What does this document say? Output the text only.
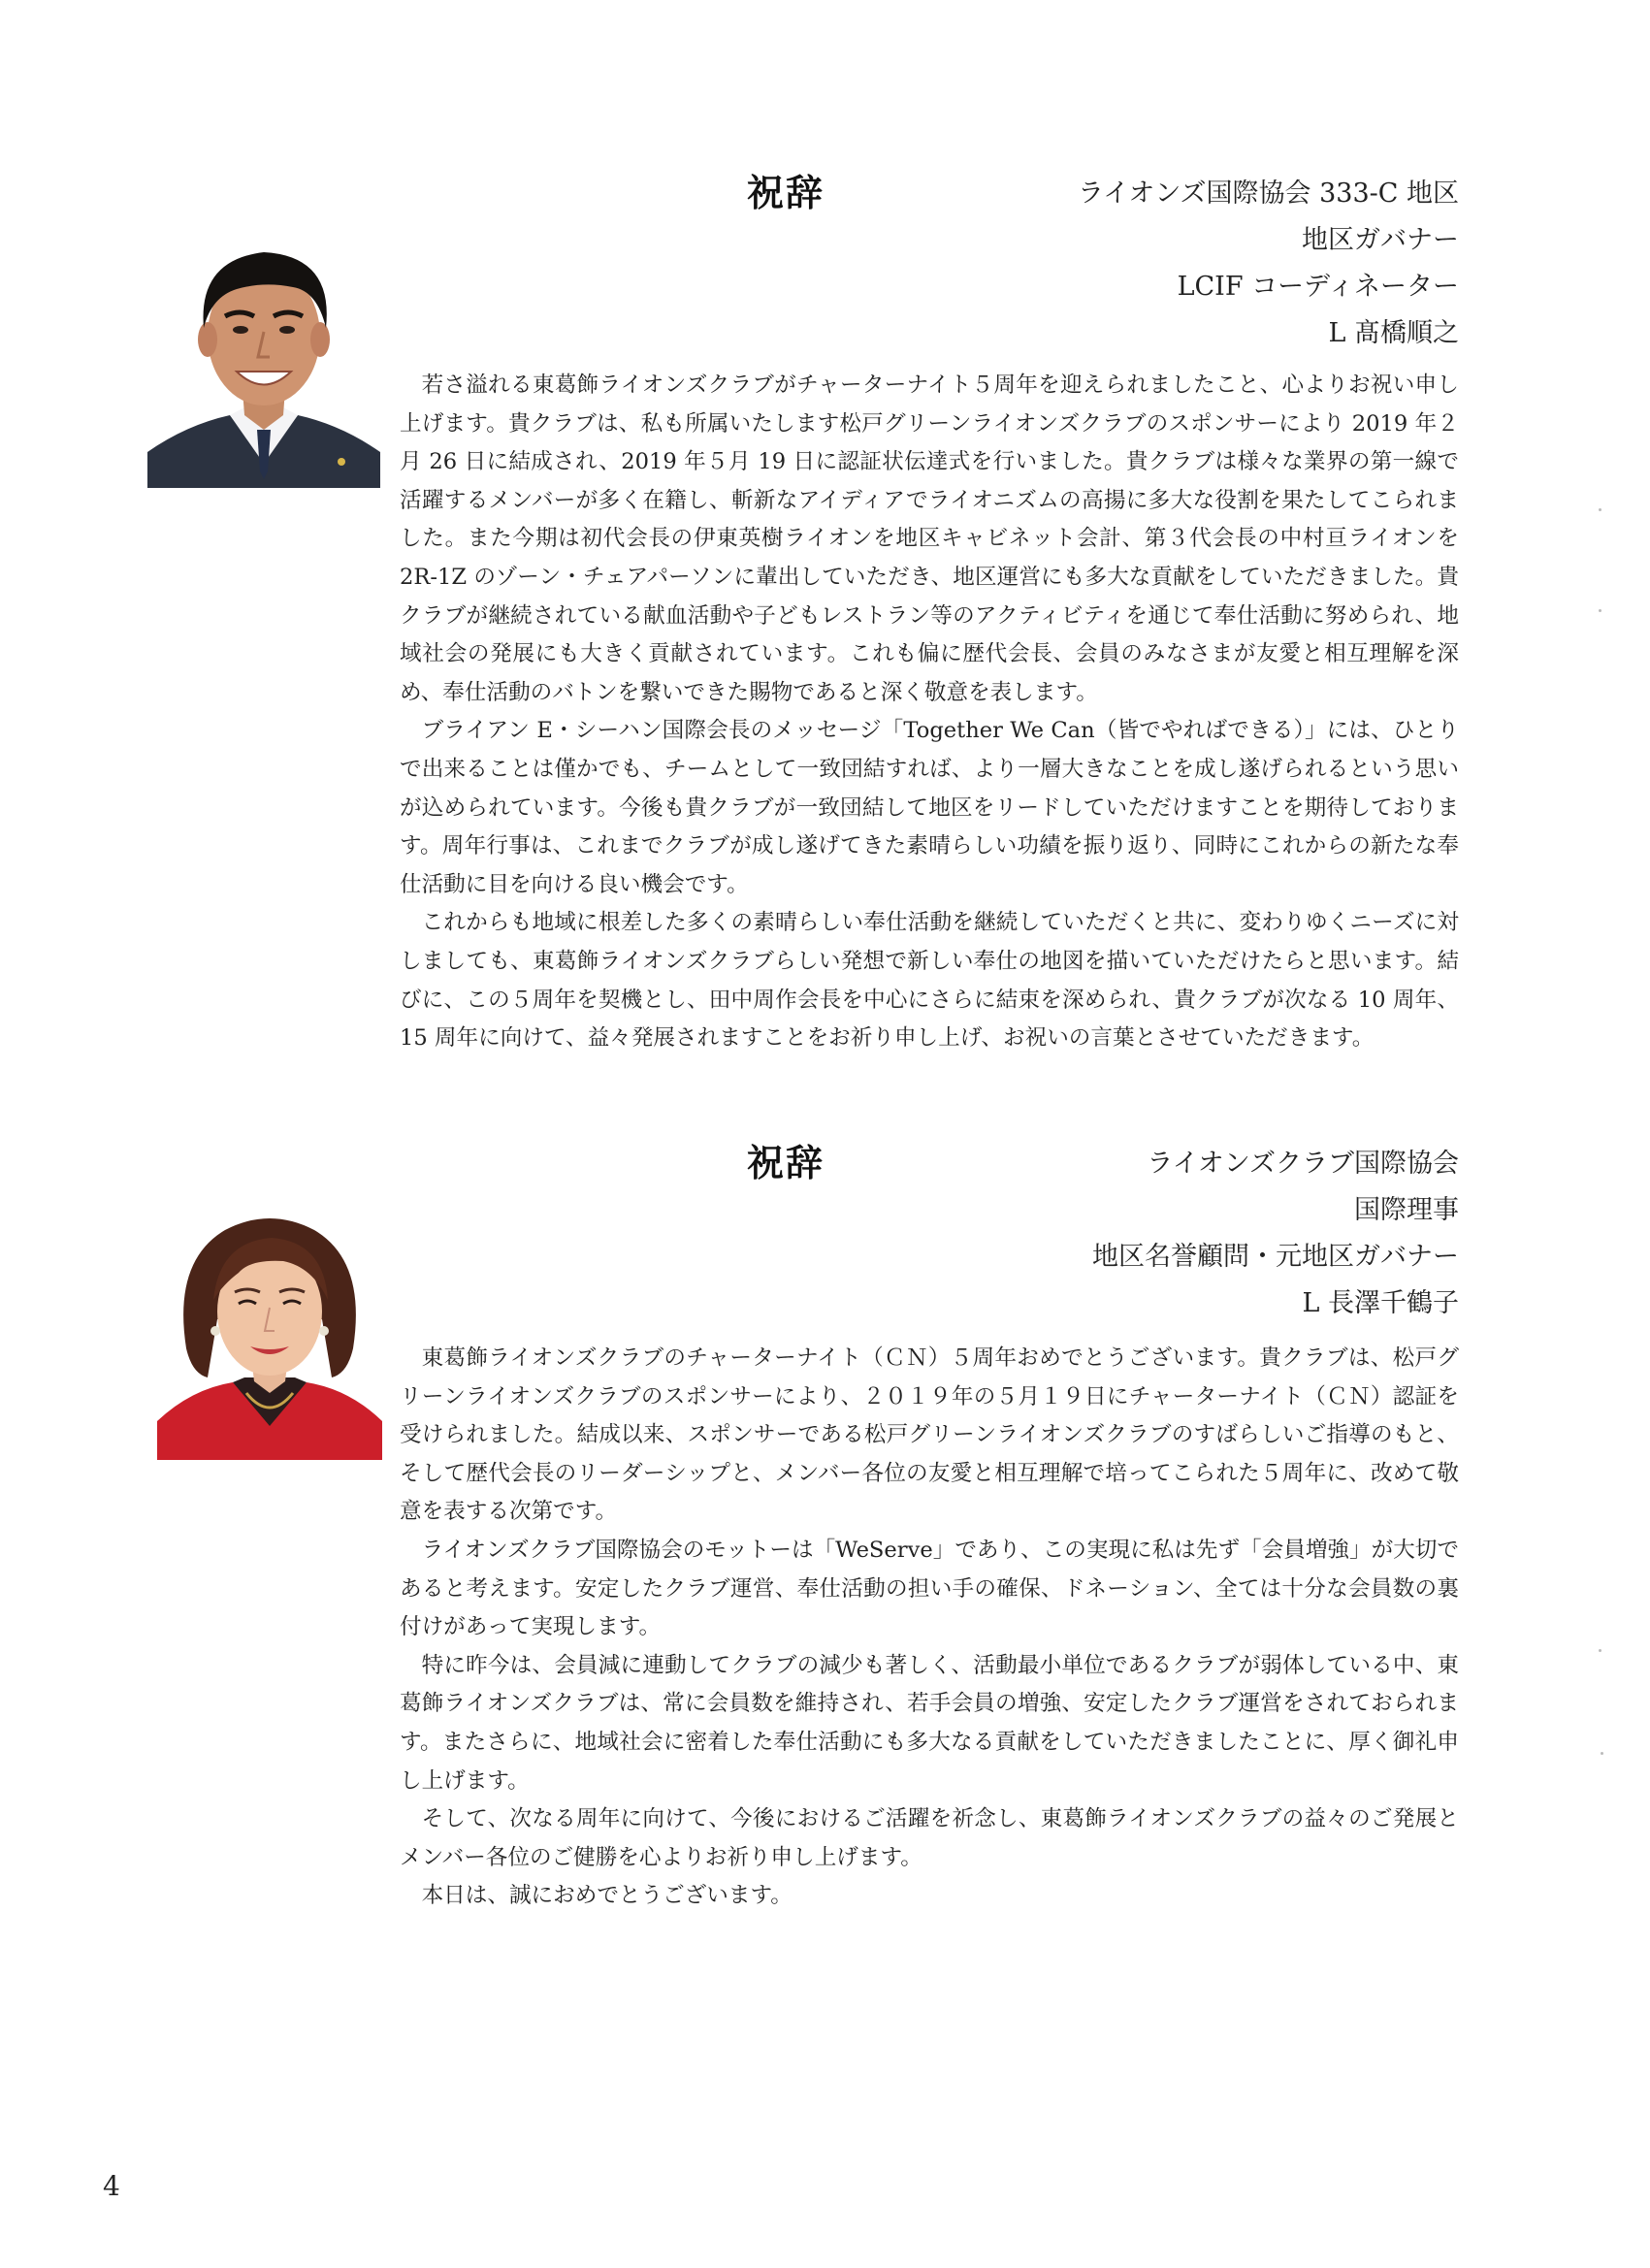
祝辞	ライオンズ国際協会 333-C 地区
地区ガバナー
LCIF コーディネーター
L 髙橋順之

若さ溢れる東葛飾ライオンズクラブがチャーターナイト５周年を迎えられましたこと、心よりお祝い申し上げます。貴クラブは、私も所属いたします松戸グリーンライオンズクラブのスポンサーにより 2019 年２月 26 日に結成され、2019 年５月 19 日に認証状伝達式を行いました。貴クラブは様々な業界の第一線で活躍するメンバーが多く在籍し、斬新なアイディアでライオニズムの高揚に多大な役割を果たしてこられました。また今期は初代会長の伊東英樹ライオンを地区キャビネット会計、第３代会長の中村亘ライオンを 2R-1Z のゾーン・チェアパーソンに輩出していただき、地区運営にも多大な貢献をしていただきました。貴クラブが継続されている献血活動や子どもレストラン等のアクティビティを通じて奉仕活動に努められ、地域社会の発展にも大きく貢献されています。これも偏に歴代会長、会員のみなさまが友愛と相互理解を深め、奉仕活動のバトンを繋いできた賜物であると深く敬意を表します。

ブライアン E・シーハン国際会長のメッセージ「Together We Can（皆でやればできる）」には、ひとりで出来ることは僅かでも、チームとして一致団結すれば、より一層大きなことを成し遂げられるという思いが込められています。今後も貴クラブが一致団結して地区をリードしていただけますことを期待しております。周年行事は、これまでクラブが成し遂げてきた素晴らしい功績を振り返り、同時にこれからの新たな奉仕活動に目を向ける良い機会です。

これからも地域に根差した多くの素晴らしい奉仕活動を継続していただくと共に、変わりゆくニーズに対しましても、東葛飾ライオンズクラブらしい発想で新しい奉仕の地図を描いていただけたらと思います。結びに、この５周年を契機とし、田中周作会長を中心にさらに結束を深められ、貴クラブが次なる 10 周年、15 周年に向けて、益々発展されますことをお祈り申し上げ、お祝いの言葉とさせていただきます。

祝辞	ライオンズクラブ国際協会
国際理事
地区名誉顧問・元地区ガバナー
L 長澤千鶴子

東葛飾ライオンズクラブのチャーターナイト（ＣＮ）５周年おめでとうございます。貴クラブは、松戸グリーンライオンズクラブのスポンサーにより、２０１９年の５月１９日にチャーターナイト（ＣＮ）認証を受けられました。結成以来、スポンサーである松戸グリーンライオンズクラブのすばらしいご指導のもと、そして歴代会長のリーダーシップと、メンバー各位の友愛と相互理解で培ってこられた５周年に、改めて敬意を表する次第です。

ライオンズクラブ国際協会のモットーは「WeServe」であり、この実現に私は先ず「会員増強」が大切であると考えます。安定したクラブ運営、奉仕活動の担い手の確保、ドネーション、全ては十分な会員数の裏付けがあって実現します。

特に昨今は、会員減に連動してクラブの減少も著しく、活動最小単位であるクラブが弱体している中、東葛飾ライオンズクラブは、常に会員数を維持され、若手会員の増強、安定したクラブ運営をされておられます。またさらに、地域社会に密着した奉仕活動にも多大なる貢献をしていただきましたことに、厚く御礼申し上げます。

そして、次なる周年に向けて、今後におけるご活躍を祈念し、東葛飾ライオンズクラブの益々のご発展とメンバー各位のご健勝を心よりお祈り申し上げます。

本日は、誠におめでとうございます。

4
